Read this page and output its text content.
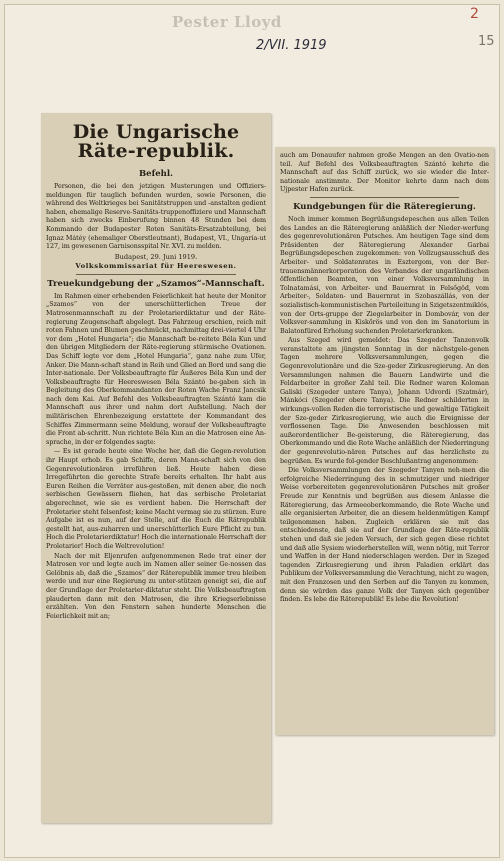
Pester Lloyd
2/VII. 1919
2
15
Die Ungarische Räte-republik.
Befehl.

Personen, die bei den jetzigen Musterungen und Offiziers-meldungen für tauglich befunden wurden, sowie Personen, die während des Weltkrieges bei Sanitätstruppen und -anstalten gedient haben, ehemalige Reserve-Sanitäts-truppenoffiziere und Mannschaft haben sich zwecks Einberufung binnen 48 Stunden bei dem Kommando der Budapester Roten Sanitäts-Ersatzabteilung, bei Ignaz Mátéy (ehemaliger Oberstleutnant), Budapest, VI., Ungaria-ut 127, im gewesenen Garnisonsspital Nr. XVI. zu melden.

Budapest, 29. Juni 1919.
Volkskommissariat für Heereswesen.
Treuekundgebung der „Szamos“-Mannschaft.

Im Rahmen einer erhebenden Feierlichkeit hat heute der Monitor „Szamos“ von der unerschütterlichen Treue der Matrosenmannschaft zu der Proletarierdiktatur und der Räte-regierung Zeugenschaft abgelegt. Das Fahrzeug erschien, reich mit roten Fahnen und Blumen geschmückt, nachmittag drei-viertel 4 Uhr vor dem „Hotel Hungaria“; die Mannschaft be-reitete Béla Kun und den übrigen Mitgliedern der Räte-regierung stürmische Ovationen. Das Schiff legte vor dem „Hotel Hungaria“, ganz nahe zum Ufer, Anker. Die Mann-schaft stand in Reih und Glied an Bord und sang die Inter-nationale. Der Volksbeauftragte für Äußeres Béla Kun und der Volksbeauftragte für Heereswesen Béla Szántó be-gaben sich in Begleitung des Oberkommandanten der Roten Wache Franz Jancsik nach dem Kai. Auf Befehl des Volksbeauftragten Szántó kam die Mannschaft aus ihrer und nahm dort Aufstellung. Nach der militärischen Ehrenbezeigung erstattete der Kommandant des Schiffes Zimmermann seine Meldung, worauf der Volksbeauftragte die Front ab-schritt. Nun richtete Béla Kun an die Matrosen eine An-sprache, in der er folgendes sagte:

— Es ist gerade heute eine Woche her, daß die Gegen-revolution ihr Haupt erhob. Es gab Schiffe, deren Mann-schaft sich von den Gegenrevolutionären irreführen ließ. Heute haben diese Irregeführten die gerechte Strafe bereits erhalten. Ihr habt aus Euren Reihen die Verräter aus-gestoßen, mit denen aber, die noch serbischen Gewässern fliehen, hat das serbische Proletariat abgerechnet, wie sie es verdient haben. Die Herrschaft der Proletarier steht felsenfest; keine Macht vermag sie zu stürzen. Eure Aufgabe ist es nun, auf der Stelle, auf die Euch die Rätrepublik gestellt hat, aus-zuharren und unerschütterlich Eure Pflicht zu tun. Hoch die Proletarierdiktatur! Hoch die internationale Herrschaft der Proletarier! Hoch die Weltrevolution!

Nach der mit Eljenrufen aufgenommenen Rede trat einer der Matrosen vor und legte auch im Namen aller seiner Ge-nossen das Gelöbnis ab, daß die „Szamos“ der Räterepublik immer treu bleiben werde und nur eine Regierung zu unter-stützen geneigt sei, die auf der Grundlage der Proletarier-diktatur steht. Die Volksbeauftragten plauderten dann mit den Matrosen, die ihre Kriegserlebnisse erzählten. Von den Fenstern sahen hunderte Menschen die Feierlichkeit mit an;

auch am Donauufer nahmen große Mengen an den Ovatio-nen teil. Auf Befehl des Volksbeauftragten Szántó kehrte die Mannschaft auf das Schiff zurück, wo sie wieder die Inter-nationale anstimmte. Der Monitor kehrte dann nach dem Ujpester Hafen zurück.

Kundgebungen für die Räteregierung.

Noch immer kommen Begrüßungsdepeschen aus allen Teilen des Landes an die Räteregierung anläßlich der Nieder-werfung des gegenrevolutionären Putsches. Am heutigen Tage sind dem Präsidenten der Räteregierung Alexander Garbai Begrüßungsdepeschen zugekommen: von Vollzugsausschuß des Arbeiter- und Soldatenrates in Esztergom, von der Ber-trauensmännerkorporation des Verbandes der ungarländischen öffentlichen Beamten, von einer Volksversammlung in Tolnatamási, von Arbeiter- und Bauernrat in Felsőgöd, vom Arbeiter-, Soldaten- und Bauernrat in Szobaszállás, von der sozialistisch-kommunistischen Parteileitung in Szigetszentmiklós, von der Orts-gruppe der Ziegelarbeiter in Dombovár, von der Volksver-sammlung in Kiskőrös und von den im Sanatorium in Balatonfüred Erholung suchenden Proletarierkranken.

Aus Szeged wird gemeldet: Das Szegeder Tanzenvolk veranstaltete am jüngsten Sonntag in der nächstgele-genen Tagen mehrere Volksversammlungen, gegen die Gegenrevolutionäre und die Sze-geder Zirkusregierung. An den Versammlungen nahmen die Bauern Landwirte und die Feldarbeiter in großer Zahl teil. Die Redner waren Koloman Galiski (Szegeder untere Tanya), Johann Udvordi (Szatmár), Mánkóci (Szegeder obere Tanya). Die Redner schilderten in wirkungs-vollen Reden die terroristische und gewaltige Tätigkeit der Sze-geder Zirkusregierung, wie auch die Ereignisse der verflossenen Tage. Die Anwesenden beschlossen mit außerordentlicher Be-geisterung, die Räteregierung, das Oberkommando und die Rote Wache anläßlich der Niederringung der gegenrevolutio-nären Putsches auf das herzlichste zu begrüßen. Es wurde fol-gender Beschlußantrag angenommen:

Die Volksversammlungen der Szegeder Tanyen neh-men die erfolgreiche Niederringung des in schmutziger und niedriger Weise vorbereiteten gegenrevolutionären Putsches mit großer Freude zur Kenntnis und begrüßen aus diesem Anlasse die Räteregierung, das Armeeoberkommando, die Rote Wache und alle organisierten Arbeiter, die an diesem heldenmütigen Kampf teilgenommen haben. Zugleich erklären sie mit das entschiedenste, daß sie auf der Grundlage der Räte-republik stehen und daß sie jeden Versuch, der sich gegen diese richtet und daß alle Sysiem wiederherstellen will, wenn nötig, mit Terror und Waffen in der Hand niederschlagen werden. Der in Szeged tagenden Zirkusregierung und ihren Paladien erklärt das Publikum der Volksversammlung die Verachtung, nicht zu wagen, mit den Franzosen und den Serben auf die Tanyen zu kommen, denn sie würden das ganze Volk der Tanyen sich gegenüber finden. Es lebe die Räterepublik! Es lebe die Revolution!
